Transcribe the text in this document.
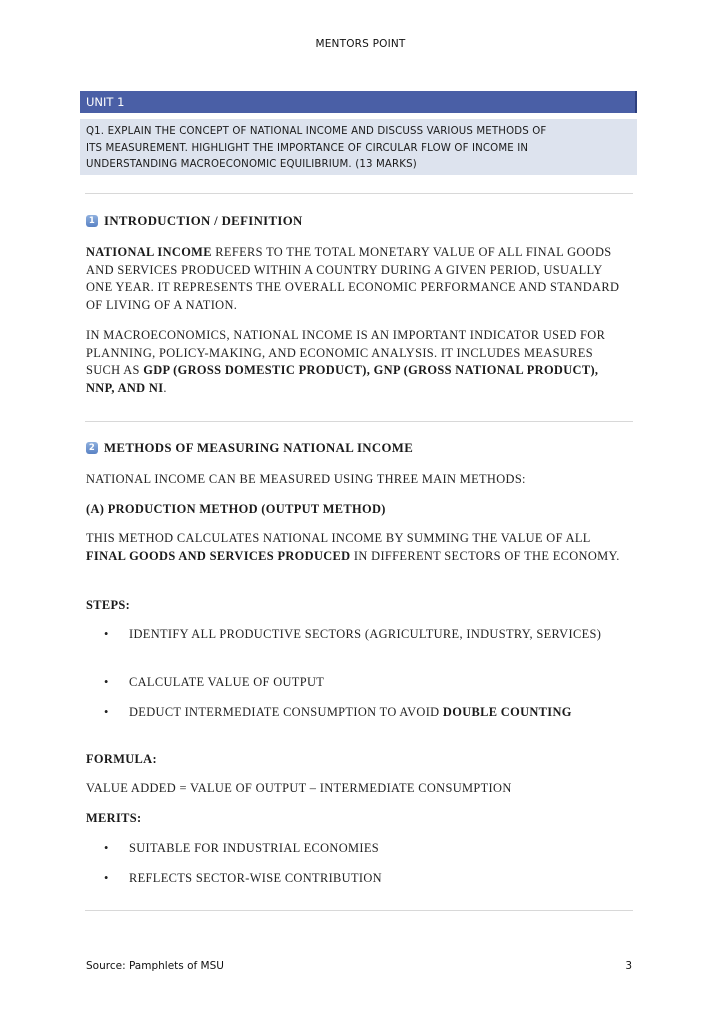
MENTORS POINT
UNIT 1
Q1. EXPLAIN THE CONCEPT OF NATIONAL INCOME AND DISCUSS VARIOUS METHODS OF
ITS MEASUREMENT. HIGHLIGHT THE IMPORTANCE OF CIRCULAR FLOW OF INCOME IN
UNDERSTANDING MACROECONOMIC EQUILIBRIUM. (13 MARKS)
1 INTRODUCTION / DEFINITION
NATIONAL INCOME REFERS TO THE TOTAL MONETARY VALUE OF ALL FINAL GOODS AND SERVICES PRODUCED WITHIN A COUNTRY DURING A GIVEN PERIOD, USUALLY ONE YEAR. IT REPRESENTS THE OVERALL ECONOMIC PERFORMANCE AND STANDARD OF LIVING OF A NATION.
IN MACROECONOMICS, NATIONAL INCOME IS AN IMPORTANT INDICATOR USED FOR PLANNING, POLICY-MAKING, AND ECONOMIC ANALYSIS. IT INCLUDES MEASURES SUCH AS GDP (GROSS DOMESTIC PRODUCT), GNP (GROSS NATIONAL PRODUCT), NNP, AND NI.
2 METHODS OF MEASURING NATIONAL INCOME
NATIONAL INCOME CAN BE MEASURED USING THREE MAIN METHODS:
(A) PRODUCTION METHOD (OUTPUT METHOD)
THIS METHOD CALCULATES NATIONAL INCOME BY SUMMING THE VALUE OF ALL FINAL GOODS AND SERVICES PRODUCED IN DIFFERENT SECTORS OF THE ECONOMY.
STEPS:
• IDENTIFY ALL PRODUCTIVE SECTORS (AGRICULTURE, INDUSTRY, SERVICES)
• CALCULATE VALUE OF OUTPUT
• DEDUCT INTERMEDIATE CONSUMPTION TO AVOID DOUBLE COUNTING
FORMULA:
VALUE ADDED = VALUE OF OUTPUT – INTERMEDIATE CONSUMPTION
MERITS:
• SUITABLE FOR INDUSTRIAL ECONOMIES
• REFLECTS SECTOR-WISE CONTRIBUTION
Source: Pamphlets of MSU	3
